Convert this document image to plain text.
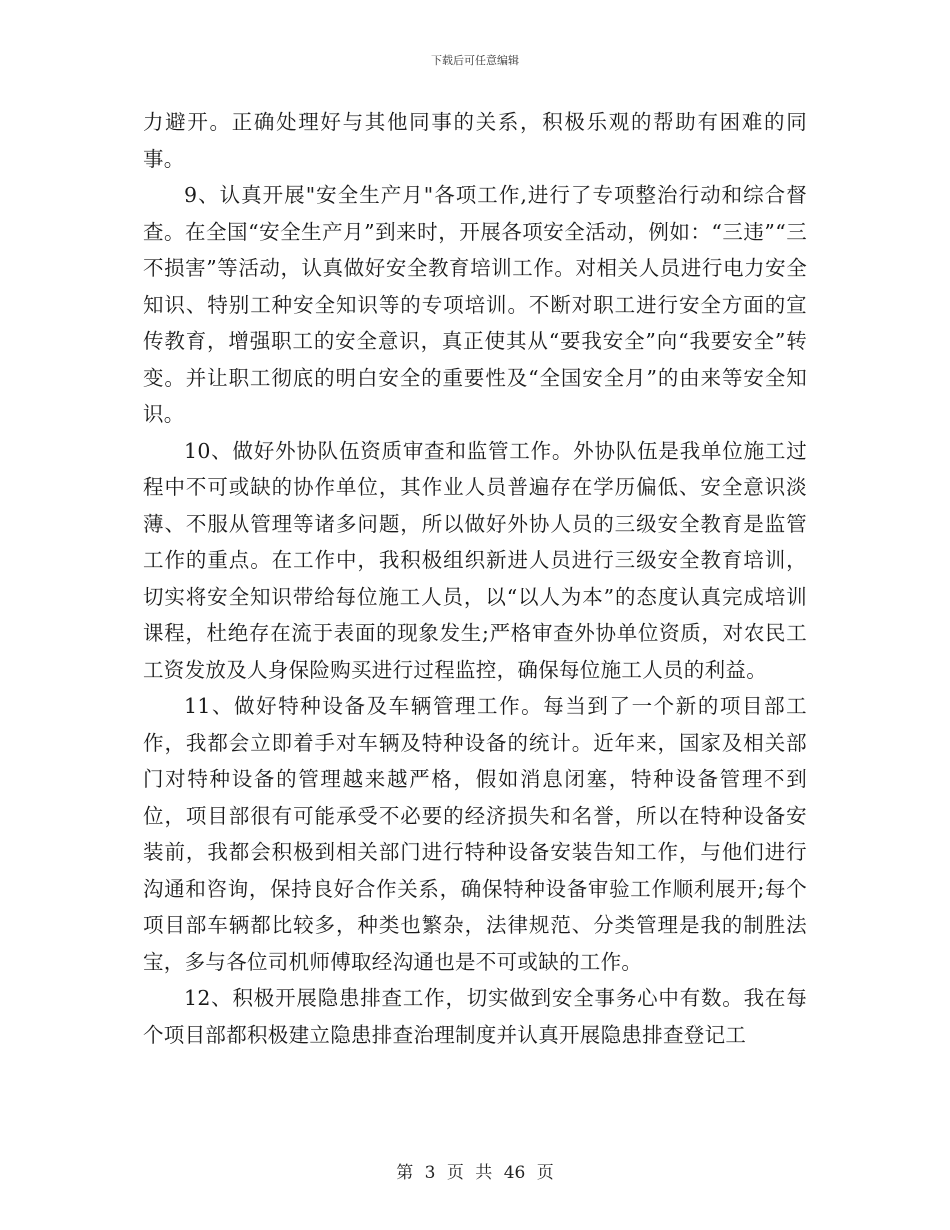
下载后可任意编辑

力避开。正确处理好与其他同事的关系，积极乐观的帮助有困难的同事。

9、认真开展"安全生产月"各项工作,进行了专项整治行动和综合督查。在全国“安全生产月”到来时，开展各项安全活动，例如：“三违”“三不损害”等活动，认真做好安全教育培训工作。对相关人员进行电力安全知识、特别工种安全知识等的专项培训。不断对职工进行安全方面的宣传教育，增强职工的安全意识，真正使其从“要我安全”向“我要安全”转变。并让职工彻底的明白安全的重要性及“全国安全月”的由来等安全知识。

10、做好外协队伍资质审查和监管工作。外协队伍是我单位施工过程中不可或缺的协作单位，其作业人员普遍存在学历偏低、安全意识淡薄、不服从管理等诸多问题，所以做好外协人员的三级安全教育是监管工作的重点。在工作中，我积极组织新进人员进行三级安全教育培训，切实将安全知识带给每位施工人员，以“以人为本”的态度认真完成培训课程，杜绝存在流于表面的现象发生;严格审查外协单位资质，对农民工工资发放及人身保险购买进行过程监控，确保每位施工人员的利益。

11、做好特种设备及车辆管理工作。每当到了一个新的项目部工作，我都会立即着手对车辆及特种设备的统计。近年来，国家及相关部门对特种设备的管理越来越严格，假如消息闭塞，特种设备管理不到位，项目部很有可能承受不必要的经济损失和名誉，所以在特种设备安装前，我都会积极到相关部门进行特种设备安装告知工作，与他们进行沟通和咨询，保持良好合作关系，确保特种设备审验工作顺利展开;每个项目部车辆都比较多，种类也繁杂，法律规范、分类管理是我的制胜法宝，多与各位司机师傅取经沟通也是不可或缺的工作。

12、积极开展隐患排查工作，切实做到安全事务心中有数。我在每个项目部都积极建立隐患排查治理制度并认真开展隐患排查登记工

第 3 页 共 46 页
